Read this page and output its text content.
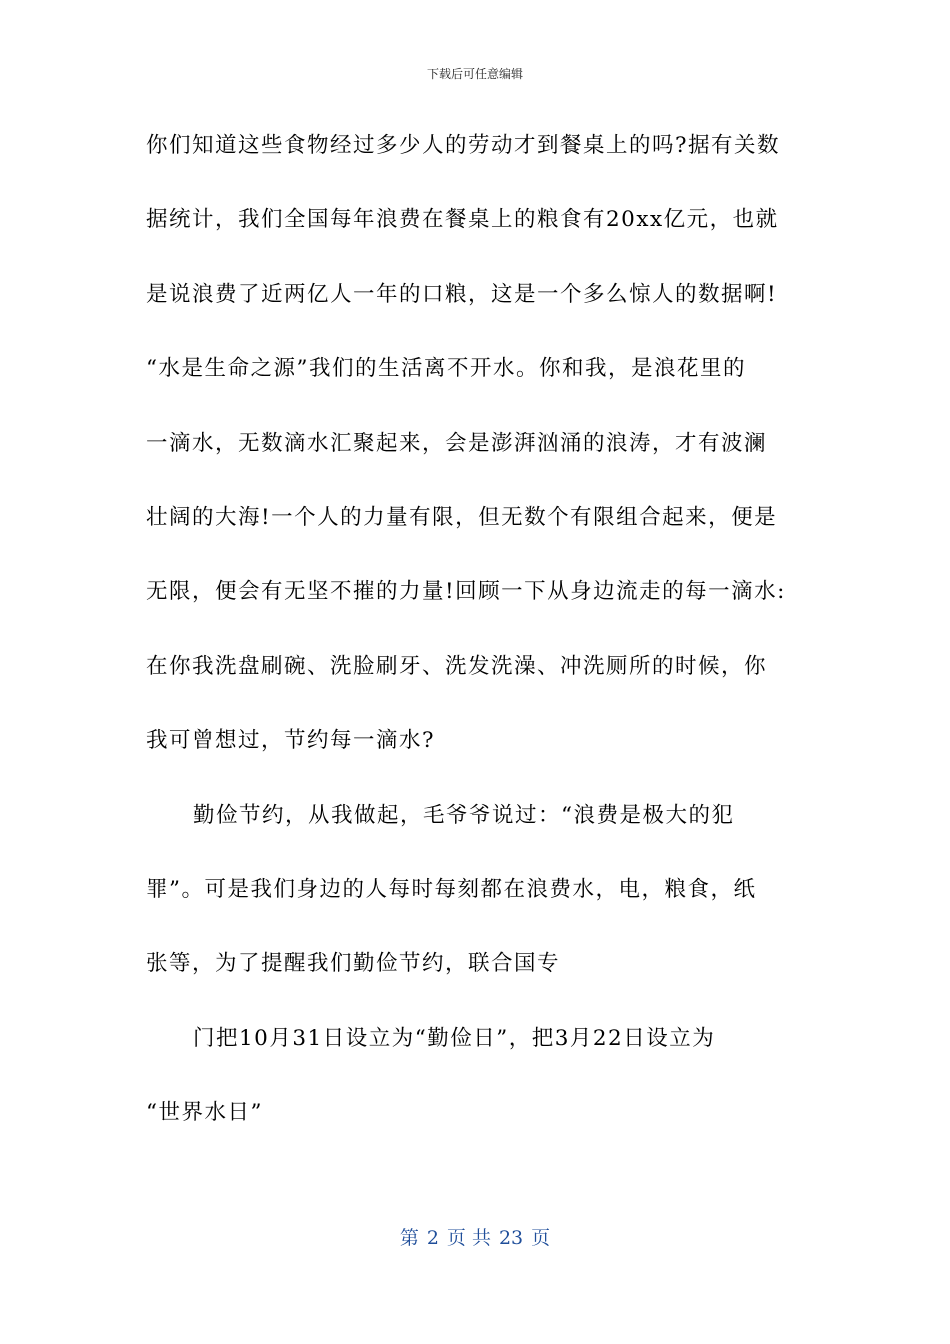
下载后可任意编辑
你们知道这些食物经过多少人的劳动才到餐桌上的吗?据有关数
据统计，我们全国每年浪费在餐桌上的粮食有20xx亿元，也就
是说浪费了近两亿人一年的口粮，这是一个多么惊人的数据啊!
“水是生命之源”我们的生活离不开水。你和我，是浪花里的
一滴水，无数滴水汇聚起来，会是澎湃汹涌的浪涛，才有波澜
壮阔的大海!一个人的力量有限，但无数个有限组合起来，便是
无限，便会有无坚不摧的力量!回顾一下从身边流走的每一滴水:
在你我洗盘刷碗、洗脸刷牙、洗发洗澡、冲洗厕所的时候，你
我可曾想过，节约每一滴水?
勤俭节约，从我做起，毛爷爷说过：“浪费是极大的犯
罪”。可是我们身边的人每时每刻都在浪费水，电，粮食，纸
张等，为了提醒我们勤俭节约，联合国专
门把10月31日设立为“勤俭日”，把3月22日设立为
“世界水日”
第 2 页 共 23 页
